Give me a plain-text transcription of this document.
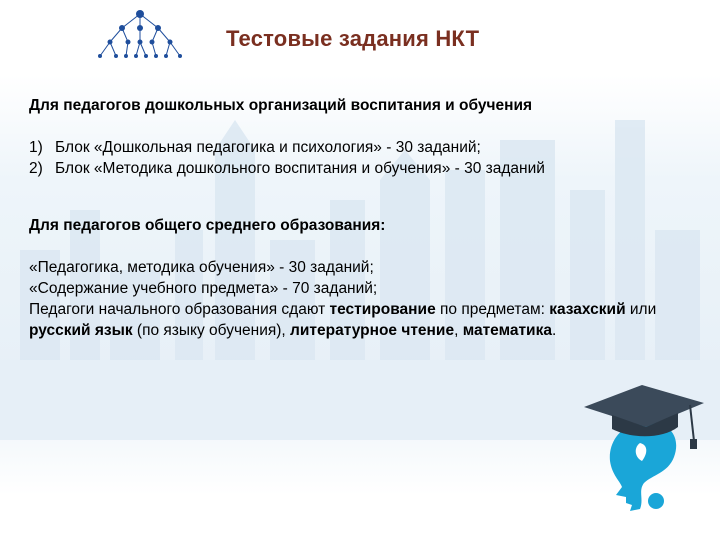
Тестовые задания НКТ

Для педагогов дошкольных организаций воспитания и обучения

1) Блок «Дошкольная педагогика и психология» - 30 заданий;
2) Блок «Методика дошкольного воспитания и обучения» - 30 заданий

Для педагогов общего среднего образования:

«Педагогика, методика обучения» - 30 заданий;

«Содержание учебного предмета» - 70 заданий;

Педагоги начального образования сдают тестирование по предметам: казахский или русский язык (по языку обучения), литературное чтение, математика.
